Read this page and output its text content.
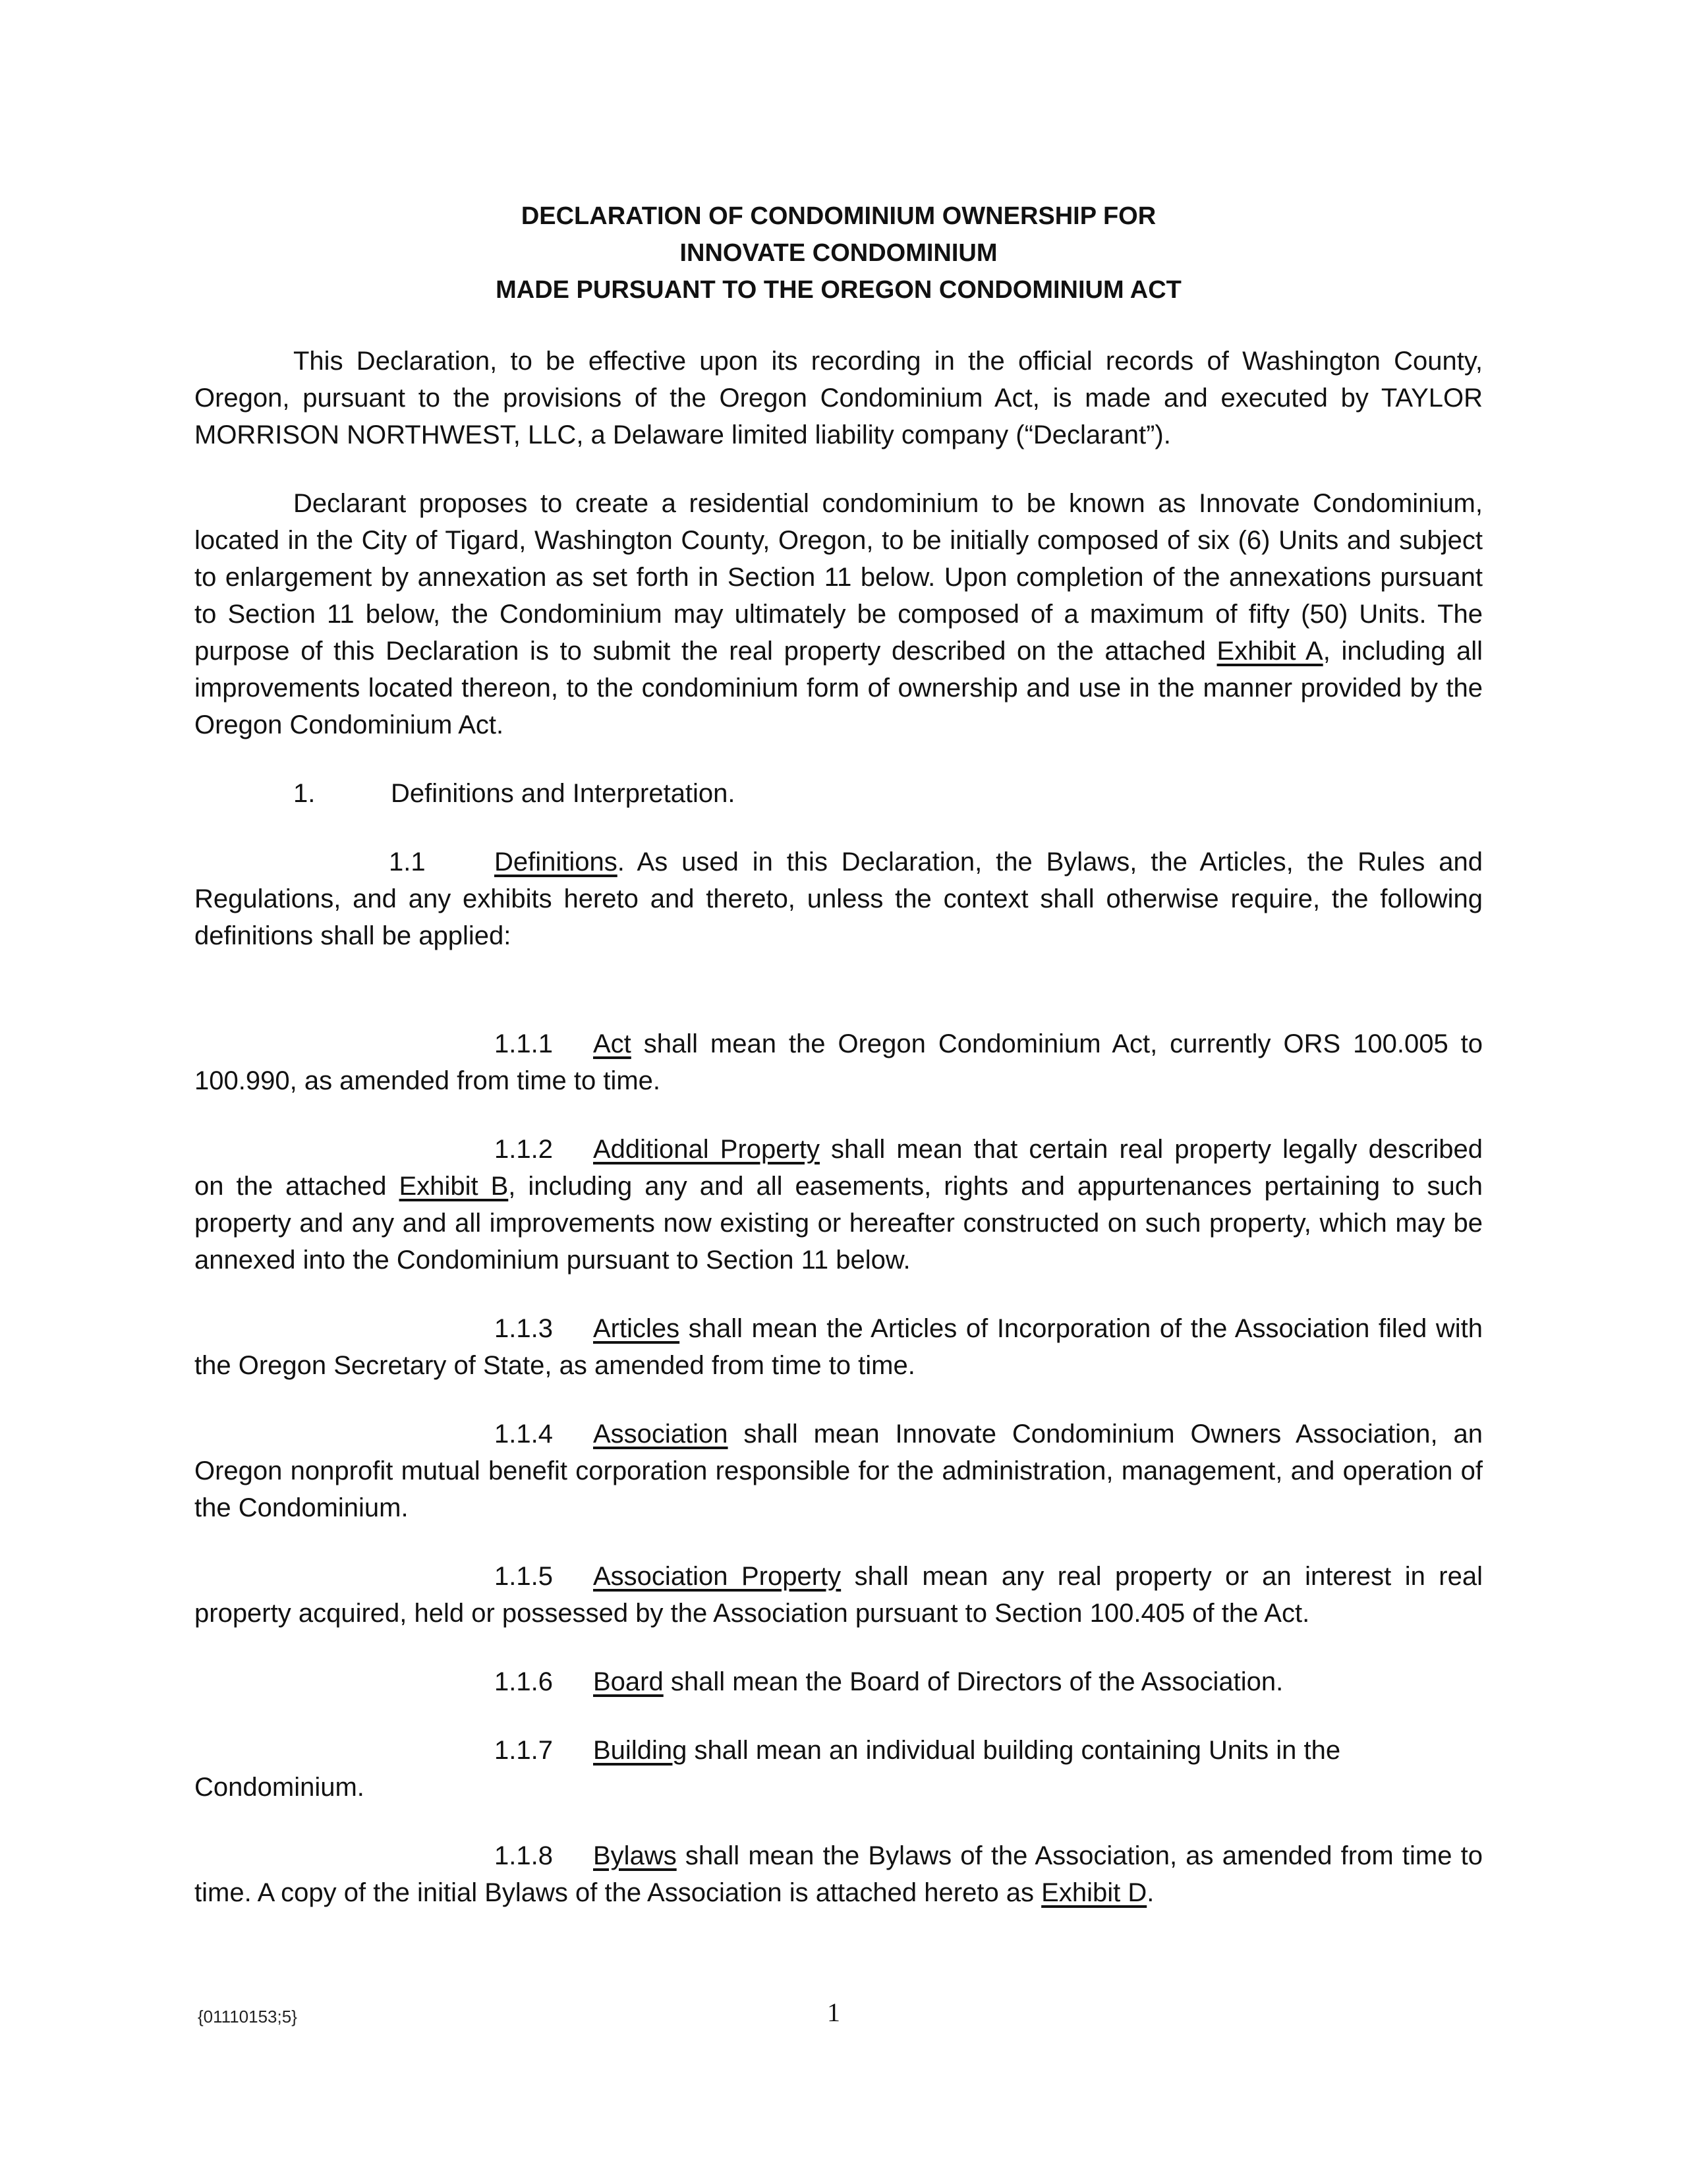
DECLARATION OF CONDOMINIUM OWNERSHIP FOR
INNOVATE CONDOMINIUM
MADE PURSUANT TO THE OREGON CONDOMINIUM ACT

This Declaration, to be effective upon its recording in the official records of Washington County, Oregon, pursuant to the provisions of the Oregon Condominium Act, is made and executed by TAYLOR MORRISON NORTHWEST, LLC, a Delaware limited liability company (“Declarant”).

Declarant proposes to create a residential condominium to be known as Innovate Condominium, located in the City of Tigard, Washington County, Oregon, to be initially composed of six (6) Units and subject to enlargement by annexation as set forth in Section 11 below. Upon completion of the annexations pursuant to Section 11 below, the Condominium may ultimately be composed of a maximum of fifty (50) Units. The purpose of this Declaration is to submit the real property described on the attached Exhibit A, including all improvements located thereon, to the condominium form of ownership and use in the manner provided by the Oregon Condominium Act.

1.	Definitions and Interpretation.

1.1	Definitions. As used in this Declaration, the Bylaws, the Articles, the Rules and Regulations, and any exhibits hereto and thereto, unless the context shall otherwise require, the following definitions shall be applied:

1.1.1 Act shall mean the Oregon Condominium Act, currently ORS 100.005 to 100.990, as amended from time to time.

1.1.2 Additional Property shall mean that certain real property legally described on the attached Exhibit B, including any and all easements, rights and appurtenances pertaining to such property and any and all improvements now existing or hereafter constructed on such property, which may be annexed into the Condominium pursuant to Section 11 below.

1.1.3 Articles shall mean the Articles of Incorporation of the Association filed with the Oregon Secretary of State, as amended from time to time.

1.1.4 Association shall mean Innovate Condominium Owners Association, an Oregon nonprofit mutual benefit corporation responsible for the administration, management, and operation of the Condominium.

1.1.5 Association Property shall mean any real property or an interest in real property acquired, held or possessed by the Association pursuant to Section 100.405 of the Act.

1.1.6 Board shall mean the Board of Directors of the Association.

1.1.7 Building shall mean an individual building containing Units in the

Condominium.

1.1.8 Bylaws shall mean the Bylaws of the Association, as amended from time to time. A copy of the initial Bylaws of the Association is attached hereto as Exhibit D.

{01110153;5}	1
